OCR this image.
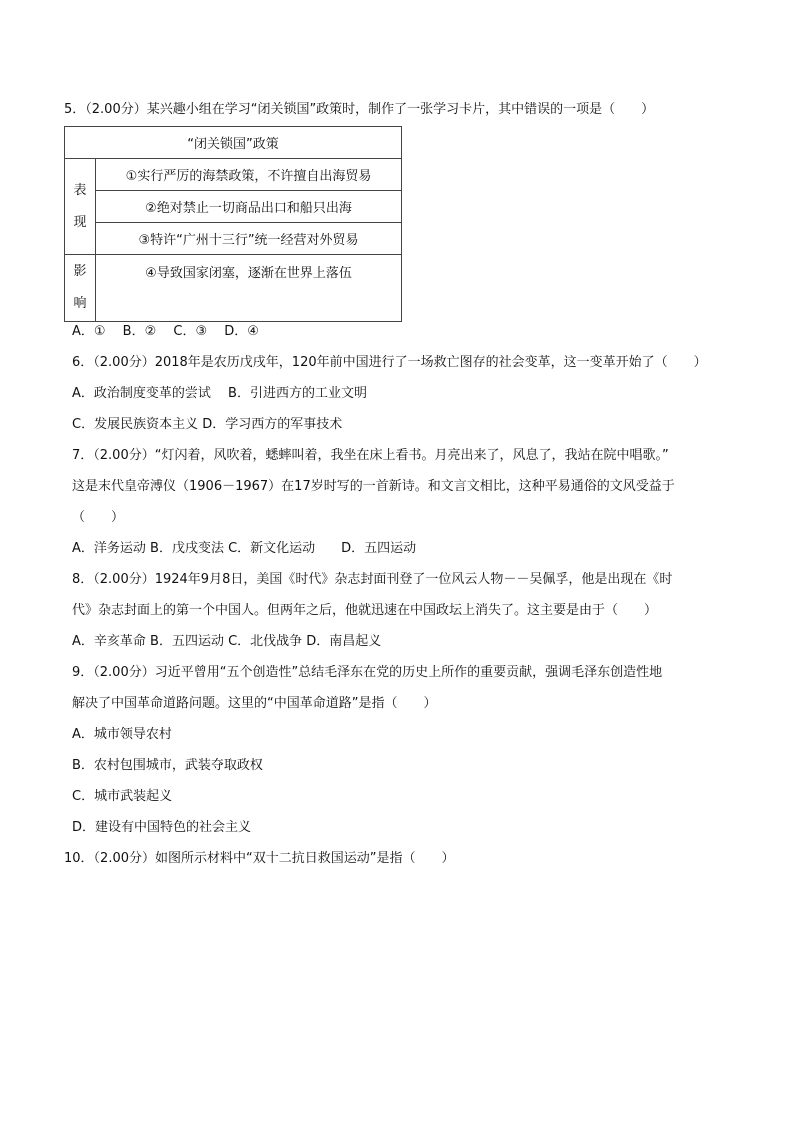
5．（2.00分）某兴趣小组在学习“闭关锁国”政策时，制作了一张学习卡片，其中错误的一项是（　　）
“闭关锁国”政策	

表
现	①实行严厉的海禁政策，不许擅自出海贸易
	②绝对禁止一切商品出口和船只出海
	③特许“广州十三行”统一经营对外贸易

影
响	④导致国家闭塞，逐渐在世界上落伍
A．①　 B．②　 C．③　 D．④
6．（2.00分）2018年是农历戊戌年，120年前中国进行了一场救亡图存的社会变革，这一变革开始了（　　）
A．政治制度变革的尝试　 B．引进西方的工业文明
C．发展民族资本主义 D．学习西方的军事技术
7．（2.00分）“灯闪着，风吹着，蟋蟀叫着，我坐在床上看书。月亮出来了，风息了，我站在院中唱歌。”
这是末代皇帝溥仪（1906－1967）在17岁时写的一首新诗。和文言文相比，这种平易通俗的文风受益于
（　　）
A．洋务运动 B．戊戌变法 C．新文化运动　　D．五四运动
8．（2.00分）1924年9月8日，美国《时代》杂志封面刊登了一位风云人物－－吴佩孚，他是出现在《时
代》杂志封面上的第一个中国人。但两年之后，他就迅速在中国政坛上消失了。这主要是由于（　　）
A．辛亥革命 B．五四运动 C．北伐战争 D．南昌起义
9．（2.00分）习近平曾用“五个创造性”总结毛泽东在党的历史上所作的重要贡献，强调毛泽东创造性地
解决了中国革命道路问题。这里的“中国革命道路”是指（　　）
A．城市领导农村
B．农村包围城市，武装夺取政权
C．城市武装起义
D．建设有中国特色的社会主义
10．（2.00分）如图所示材料中“双十二抗日救国运动”是指（　　）
